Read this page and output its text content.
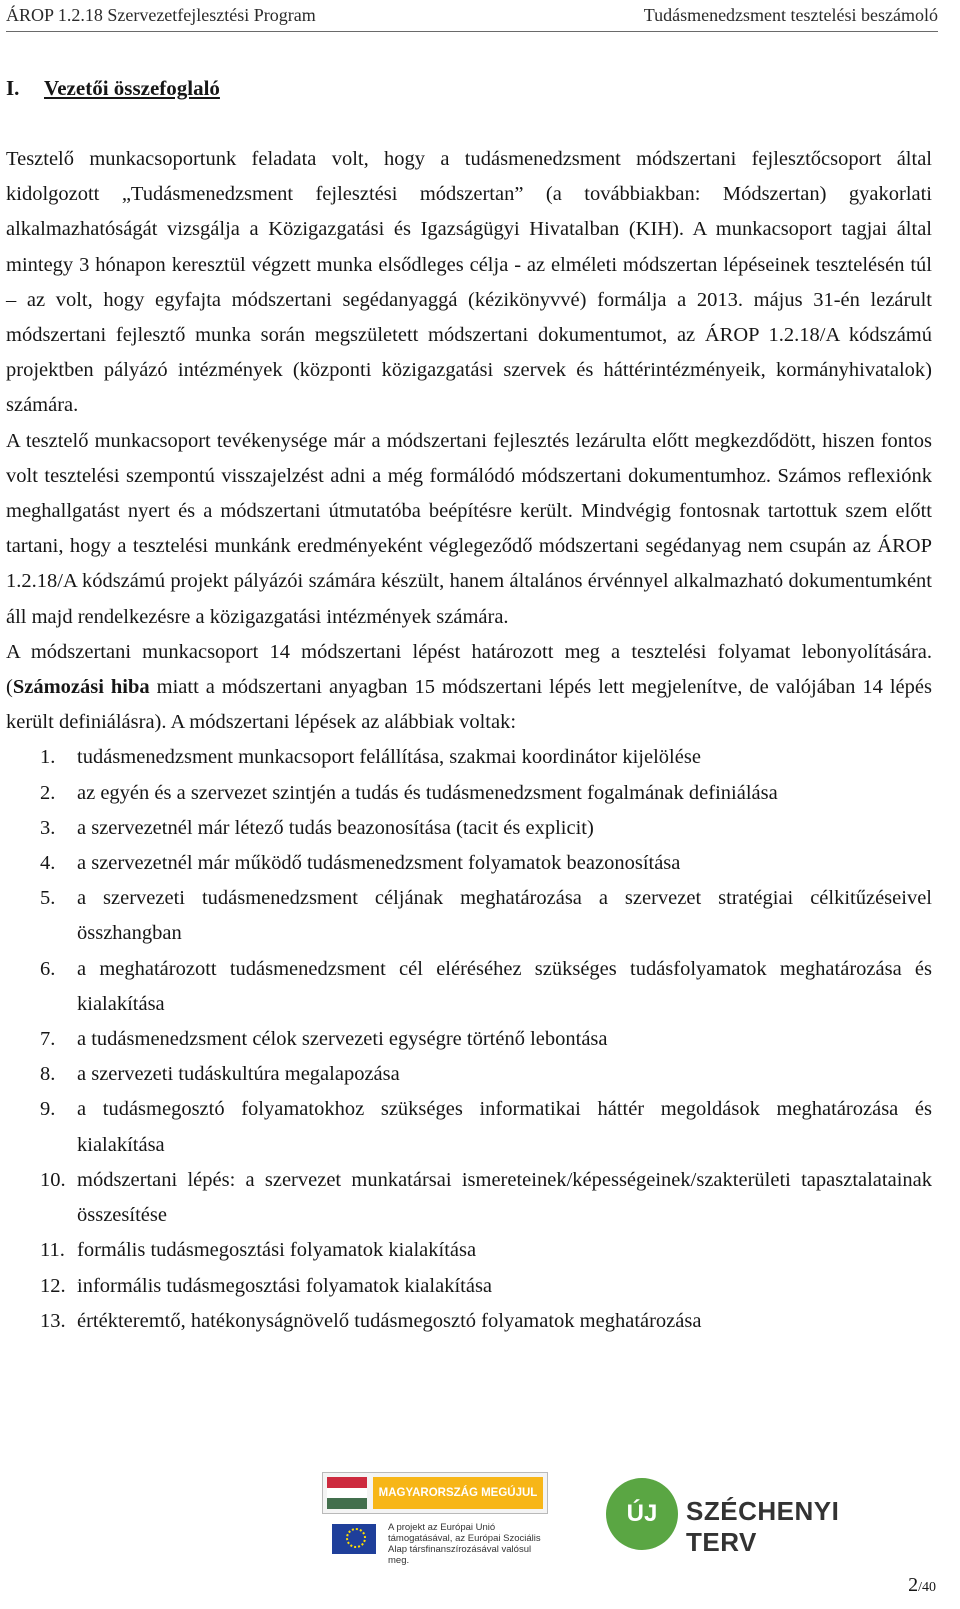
ÁROP 1.2.18 Szervezetfejlesztési Program	Tudásmenedzsment tesztelési beszámoló
I. Vezetői összefoglaló

Tesztelő munkacsoportunk feladata volt, hogy a tudásmenedzsment módszertani fejlesztőcsoport által kidolgozott „Tudásmenedzsment fejlesztési módszertan” (a továbbiakban: Módszertan) gyakorlati alkalmazhatóságát vizsgálja a Közigazgatási és Igazságügyi Hivatalban (KIH). A munkacsoport tagjai által mintegy 3 hónapon keresztül végzett munka elsődleges célja - az elméleti módszertan lépéseinek tesztelésén túl – az volt, hogy egyfajta módszertani segédanyaggá (kézikönyvvé) formálja a 2013. május 31-én lezárult módszertani fejlesztő munka során megszületett módszertani dokumentumot, az ÁROP 1.2.18/A kódszámú projektben pályázó intézmények (központi közigazgatási szervek és háttérintézményeik, kormányhivatalok) számára.

A tesztelő munkacsoport tevékenysége már a módszertani fejlesztés lezárulta előtt megkezdődött, hiszen fontos volt tesztelési szempontú visszajelzést adni a még formálódó módszertani dokumentumhoz. Számos reflexiónk meghallgatást nyert és a módszertani útmutatóba beépítésre került. Mindvégig fontosnak tartottuk szem előtt tartani, hogy a tesztelési munkánk eredményeként véglegeződő módszertani segédanyag nem csupán az ÁROP 1.2.18/A kódszámú projekt pályázói számára készült, hanem általános érvénnyel alkalmazható dokumentumként áll majd rendelkezésre a közigazgatási intézmények számára.

A módszertani munkacsoport 14 módszertani lépést határozott meg a tesztelési folyamat lebonyolítására. (Számozási hiba miatt a módszertani anyagban 15 módszertani lépés lett megjelenítve, de valójában 14 lépés került definiálásra). A módszertani lépések az alábbiak voltak:

1. tudásmenedzsment munkacsoport felállítása, szakmai koordinátor kijelölése
2. az egyén és a szervezet szintjén a tudás és tudásmenedzsment fogalmának definiálása
3. a szervezetnél már létező tudás beazonosítása (tacit és explicit)
4. a szervezetnél már működő tudásmenedzsment folyamatok beazonosítása
5. a szervezeti tudásmenedzsment céljának meghatározása a szervezet stratégiai célkitűzéseivel összhangban
6. a meghatározott tudásmenedzsment cél eléréséhez szükséges tudásfolyamatok meghatározása és kialakítása
7. a tudásmenedzsment célok szervezeti egységre történő lebontása
8. a szervezeti tudáskultúra megalapozása
9. a tudásmegosztó folyamatokhoz szükséges informatikai háttér megoldások meghatározása és kialakítása
10. módszertani lépés: a szervezet munkatársai ismereteinek/képességeinek/szakterületi tapasztalatainak összesítése
11. formális tudásmegosztási folyamatok kialakítása
12. informális tudásmegosztási folyamatok kialakítása
13. értékteremtő, hatékonyságnövelő tudásmegosztó folyamatok meghatározása
MAGYARORSZÁG MEGÚJUL
A projekt az Európai Unió támogatásával, az Európai Szociális Alap társfinanszírozásával valósul meg.
ÚJ	SZÉCHENYI TERV
2/40
